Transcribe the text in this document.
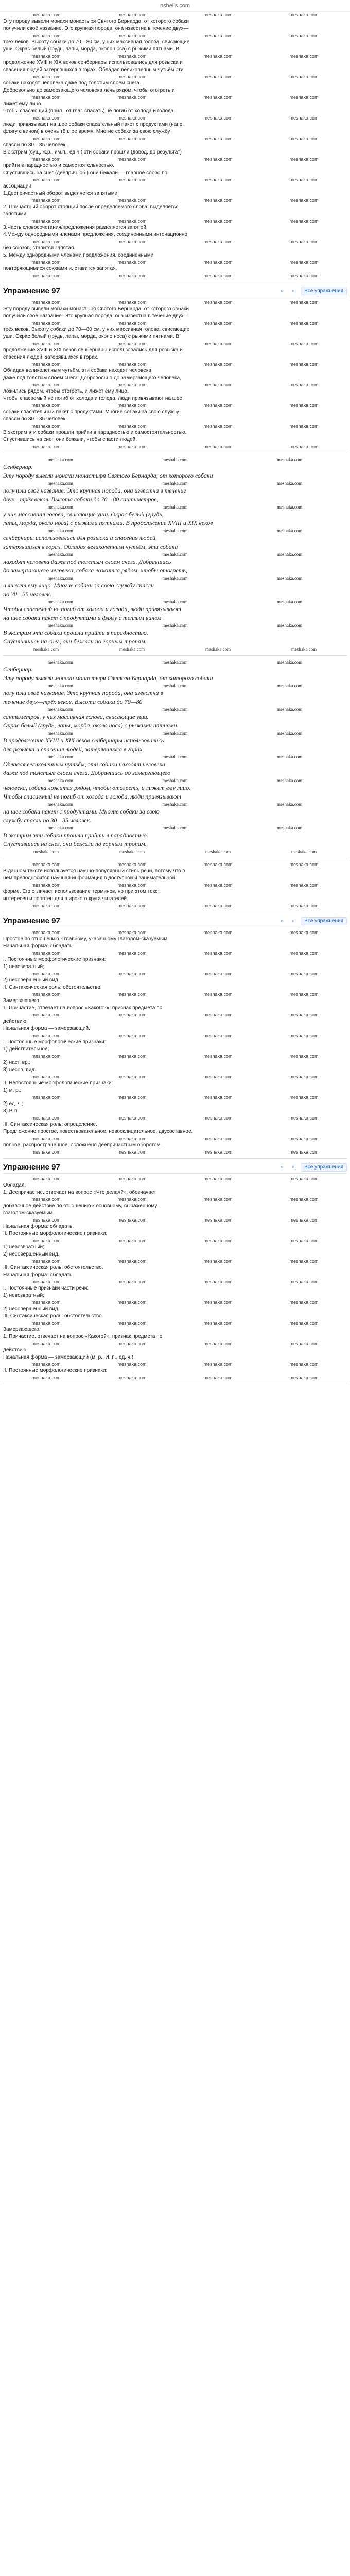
nshelis.com
meshaka.com	meshaka.com	meshaka.com	meshaka.com
Эту породу вывели монахи монастыря Святого Бернарда, от которого собаки
получили своё название. Это крупная порода, она известна в течение двух—
meshaka.com	meshaka.com	meshaka.com	meshaka.com
трёх веков. Высоту собаки до 70—80 см, у них массивная голова, свисающие
уши. Окрас белый (грудь, лапы, морда, около носа) с рыжими пятнами. В
meshaka.com	meshaka.com	meshaka.com	meshaka.com
продолжение XVIII и XIX веков сенбернары использовались для розыска и
спасения людей затерявшихся в горах. Обладая великолепным чутьём эти
meshaka.com	meshaka.com	meshaka.com	meshaka.com
собаки находят человека даже под толстым слоем снега.
Добровольно до замерзающего человека лечь рядом, чтобы отогреть и
meshaka.com	meshaka.com	meshaka.com	meshaka.com
лижет ему лицо.
Чтобы спасающий (прил., от глаг. спасать) не погиб от холода и голода
meshaka.com	meshaka.com	meshaka.com	meshaka.com
люди привязывают на шее собаки спасательный пакет с продуктами (напр.
флягу с вином) в очень тёплое время. Многие собаки за свою службу
meshaka.com	meshaka.com	meshaka.com	meshaka.com
спасли по 30—35 человек.
В экстрим (сущ. ж.р., им.п., ед.ч.) эти собаки прошли (довод. до результат)
meshaka.com	meshaka.com	meshaka.com	meshaka.com
прийти в парадностью и самостоятельностью.
Спустившись на снег (дееприч. об.) они бежали — главное слово по
meshaka.com	meshaka.com	meshaka.com	meshaka.com
ассоциации.
1.Деепричастный оборот выделяется запятыми.
meshaka.com	meshaka.com	meshaka.com	meshaka.com
2. Причастный оборот стоящий после определяемого слова, выделяется
запятыми.
meshaka.com	meshaka.com	meshaka.com	meshaka.com
3.Часть словосочетания/предложения разделяется запятой.
4.Между однородными членами предложения, соединенными интонационно
meshaka.com	meshaka.com	meshaka.com	meshaka.com
без союзов, ставится запятая.
5. Между однородными членами предложения, соединёнными
meshaka.com	meshaka.com	meshaka.com	meshaka.com
повторяющимися союзами и, ставится запятая.
meshaka.com	meshaka.com	meshaka.com	meshaka.com
Упражнение 97	«	»	Все упражнения
meshaka.com	meshaka.com	meshaka.com	meshaka.com
Эту породу вывели монахи монастыря Святого Бернарда, от которого собаки
получили своё название. Это крупная порода, она известна в течение двух—
meshaka.com	meshaka.com	meshaka.com	meshaka.com
трёх веков. Высоту собаки до 70—80 см, у них массивная голова, свисающие
уши. Окрас белый (грудь, лапы, морда, около носа) с рыжими пятнами. В
meshaka.com	meshaka.com	meshaka.com	meshaka.com
продолжение XVIII и XIX веков сенбернары использовались для розыска и
спасения людей, затерявшихся в горах.
meshaka.com	meshaka.com	meshaka.com	meshaka.com
Обладая великолепным чутьём, эти собаки находят человека
даже под толстым слоем снега. Добровольно до замерзающего человека,
meshaka.com	meshaka.com	meshaka.com	meshaka.com
ложились рядом, чтобы отогреть, и лижет ему лицо.
Чтобы спасаемый не погиб от холода и голода, люди привязывают на шее
meshaka.com	meshaka.com	meshaka.com	meshaka.com
собаки спасательный пакет с продуктами. Многие собаки за свою службу
спасли по 30—35 человек.
meshaka.com	meshaka.com	meshaka.com	meshaka.com
В экстрим эти собаки прошли прийти в парадностью и самостоятельностью.
Спустившись на снег, они бежали, чтобы спасти людей.
meshaka.com	meshaka.com	meshaka.com	meshaka.com
meshaka.com	meshaka.com	meshaka.com
Сенбернар.
Эту породу вывели монахи монастыря Святого Бернарда, от которого собаки
meshaka.com	meshaka.com	meshaka.com
получили своё название. Это крупная порода, она известна в течение
двух—трёх веков. Высота собаки до 70—80 сантиметров,
meshaka.com	meshaka.com	meshaka.com
у них массивная голова, свисающие уши. Окрас белый (грудь,
лапы, морда, около носа) с рыжими пятнами. В продолжение XVIII и XIX веков
meshaka.com	meshaka.com	meshaka.com
сенбернары использовались для розыска и спасения людей,
затерявшихся в горах. Обладая великолепным чутьём, эти собаки
meshaka.com	meshaka.com	meshaka.com
находят человека даже под толстым слоем снега. Добравшись
до замерзающего человека, собака ложится рядом, чтобы отогреть,
meshaka.com	meshaka.com	meshaka.com
и лижет ему лицо. Многие собаки за свою службу спасли
по 30—35 человек.
meshaka.com	meshaka.com	meshaka.com
Чтобы спасаемый не погиб от холода и голода, люди привязывают
на шее собаки пакет с продуктами и флягу с тёплым вином.
meshaka.com	meshaka.com	meshaka.com
В экстрим эти собаки прошли прийти в парадностью.
Спустившись на снег, они бежали по горным тропам.
meshaka.com	meshaka.com	meshaka.com	meshaka.com
meshaka.com	meshaka.com	meshaka.com
Сенбернар.
Эту породу вывели монахи монастыря Святого Бернарда, от которого собаки
meshaka.com	meshaka.com	meshaka.com
получили своё название. Это крупная порода, она известна в
течение двух—трёх веков. Высота собаки до 70—80
meshaka.com	meshaka.com	meshaka.com
сантиметров, у них массивная голова, свисающие уши.
Окрас белый (грудь, лапы, морда, около носа) с рыжими пятнами.
meshaka.com	meshaka.com	meshaka.com
В продолжение XVIII и XIX веков сенбернары использовались
для розыска и спасения людей, затерявшихся в горах.
meshaka.com	meshaka.com	meshaka.com
Обладая великолепным чутьём, эти собаки находят человека
даже под толстым слоем снега. Добравшись до замерзающего
meshaka.com	meshaka.com	meshaka.com
человека, собака ложится рядом, чтобы отогреть, и лижет ему лицо.
Чтобы спасаемый не погиб от холода и голода, люди привязывают
meshaka.com	meshaka.com	meshaka.com
на шее собаки пакет с продуктами. Многие собаки за свою
службу спасли по 30—35 человек.
meshaka.com	meshaka.com	meshaka.com
В экстрим эти собаки прошли прийти в парадностью.
Спустившись на снег, они бежали по горным тропам.
meshaka.com	meshaka.com	meshaka.com	meshaka.com
meshaka.com	meshaka.com	meshaka.com	meshaka.com
В данном тексте используется научно-популярный стиль речи, потому что в
нём преподносится научная информация в доступной и занимательной
meshaka.com	meshaka.com	meshaka.com	meshaka.com
форме. Его отличает использование терминов, но при этом текст
интересен и понятен для широкого круга читателей.
meshaka.com	meshaka.com	meshaka.com	meshaka.com
Упражнение 97	«	»	Все упражнения
meshaka.com	meshaka.com	meshaka.com	meshaka.com
Простое по отношению к главному, указанному глаголом-сказуемым.
Начальная форма: обладать.
meshaka.com	meshaka.com	meshaka.com	meshaka.com
I. Постоянные морфологические признаки:
1) невозвратный;
meshaka.com	meshaka.com	meshaka.com	meshaka.com
2) несовершенный вид.
II. Синтаксическая роль: обстоятельство.
meshaka.com	meshaka.com	meshaka.com	meshaka.com
Замерзающего.
1. Причастие, отвечает на вопрос «Какого?», признак предмета по
meshaka.com	meshaka.com	meshaka.com	meshaka.com
действию.
Начальная форма — замерзающий.
meshaka.com	meshaka.com	meshaka.com	meshaka.com
I. Постоянные морфологические признаки:
1) действительное;
meshaka.com	meshaka.com	meshaka.com	meshaka.com
2) наст. вр.;
3) несов. вид.
meshaka.com	meshaka.com	meshaka.com	meshaka.com
II. Непостоянные морфологические признаки:
1) м. р.;
meshaka.com	meshaka.com	meshaka.com	meshaka.com
2) ед. ч.;
3) Р. п.
meshaka.com	meshaka.com	meshaka.com	meshaka.com
III. Синтаксическая роль: определение.
Предложение простое, повествовательное, невосклицательное, двусоставное,
meshaka.com	meshaka.com	meshaka.com	meshaka.com
полное, распространённое, осложнено деепричастным оборотом.
meshaka.com	meshaka.com	meshaka.com	meshaka.com
Упражнение 97	«	»	Все упражнения
meshaka.com	meshaka.com	meshaka.com	meshaka.com
Обладая.
1. Деепричастие, отвечает на вопрос «Что делая?», обозначает
meshaka.com	meshaka.com	meshaka.com	meshaka.com
добавочное действие по отношению к основному, выраженному
глаголом-сказуемым.
meshaka.com	meshaka.com	meshaka.com	meshaka.com
Начальная форма: обладать.
II. Постоянные морфологические признаки:
meshaka.com	meshaka.com	meshaka.com	meshaka.com
1) невозвратный;
2) несовершенный вид.
meshaka.com	meshaka.com	meshaka.com	meshaka.com
III. Синтаксическая роль: обстоятельство.
Начальная форма: обладать.
meshaka.com	meshaka.com	meshaka.com	meshaka.com
I. Постоянные признаки части речи:
1) невозвратный;
meshaka.com	meshaka.com	meshaka.com	meshaka.com
2) несовершенный вид.
III. Синтаксическая роль: обстоятельство.
meshaka.com	meshaka.com	meshaka.com	meshaka.com
Замерзающего.
1. Причастие, отвечает на вопрос «Какого?», признак предмета по
meshaka.com	meshaka.com	meshaka.com	meshaka.com
действию.
Начальная форма — замерзающий (м. р., И. п., ед. ч.).
meshaka.com	meshaka.com	meshaka.com	meshaka.com
II. Постоянные морфологические признаки:
meshaka.com	meshaka.com	meshaka.com	meshaka.com
